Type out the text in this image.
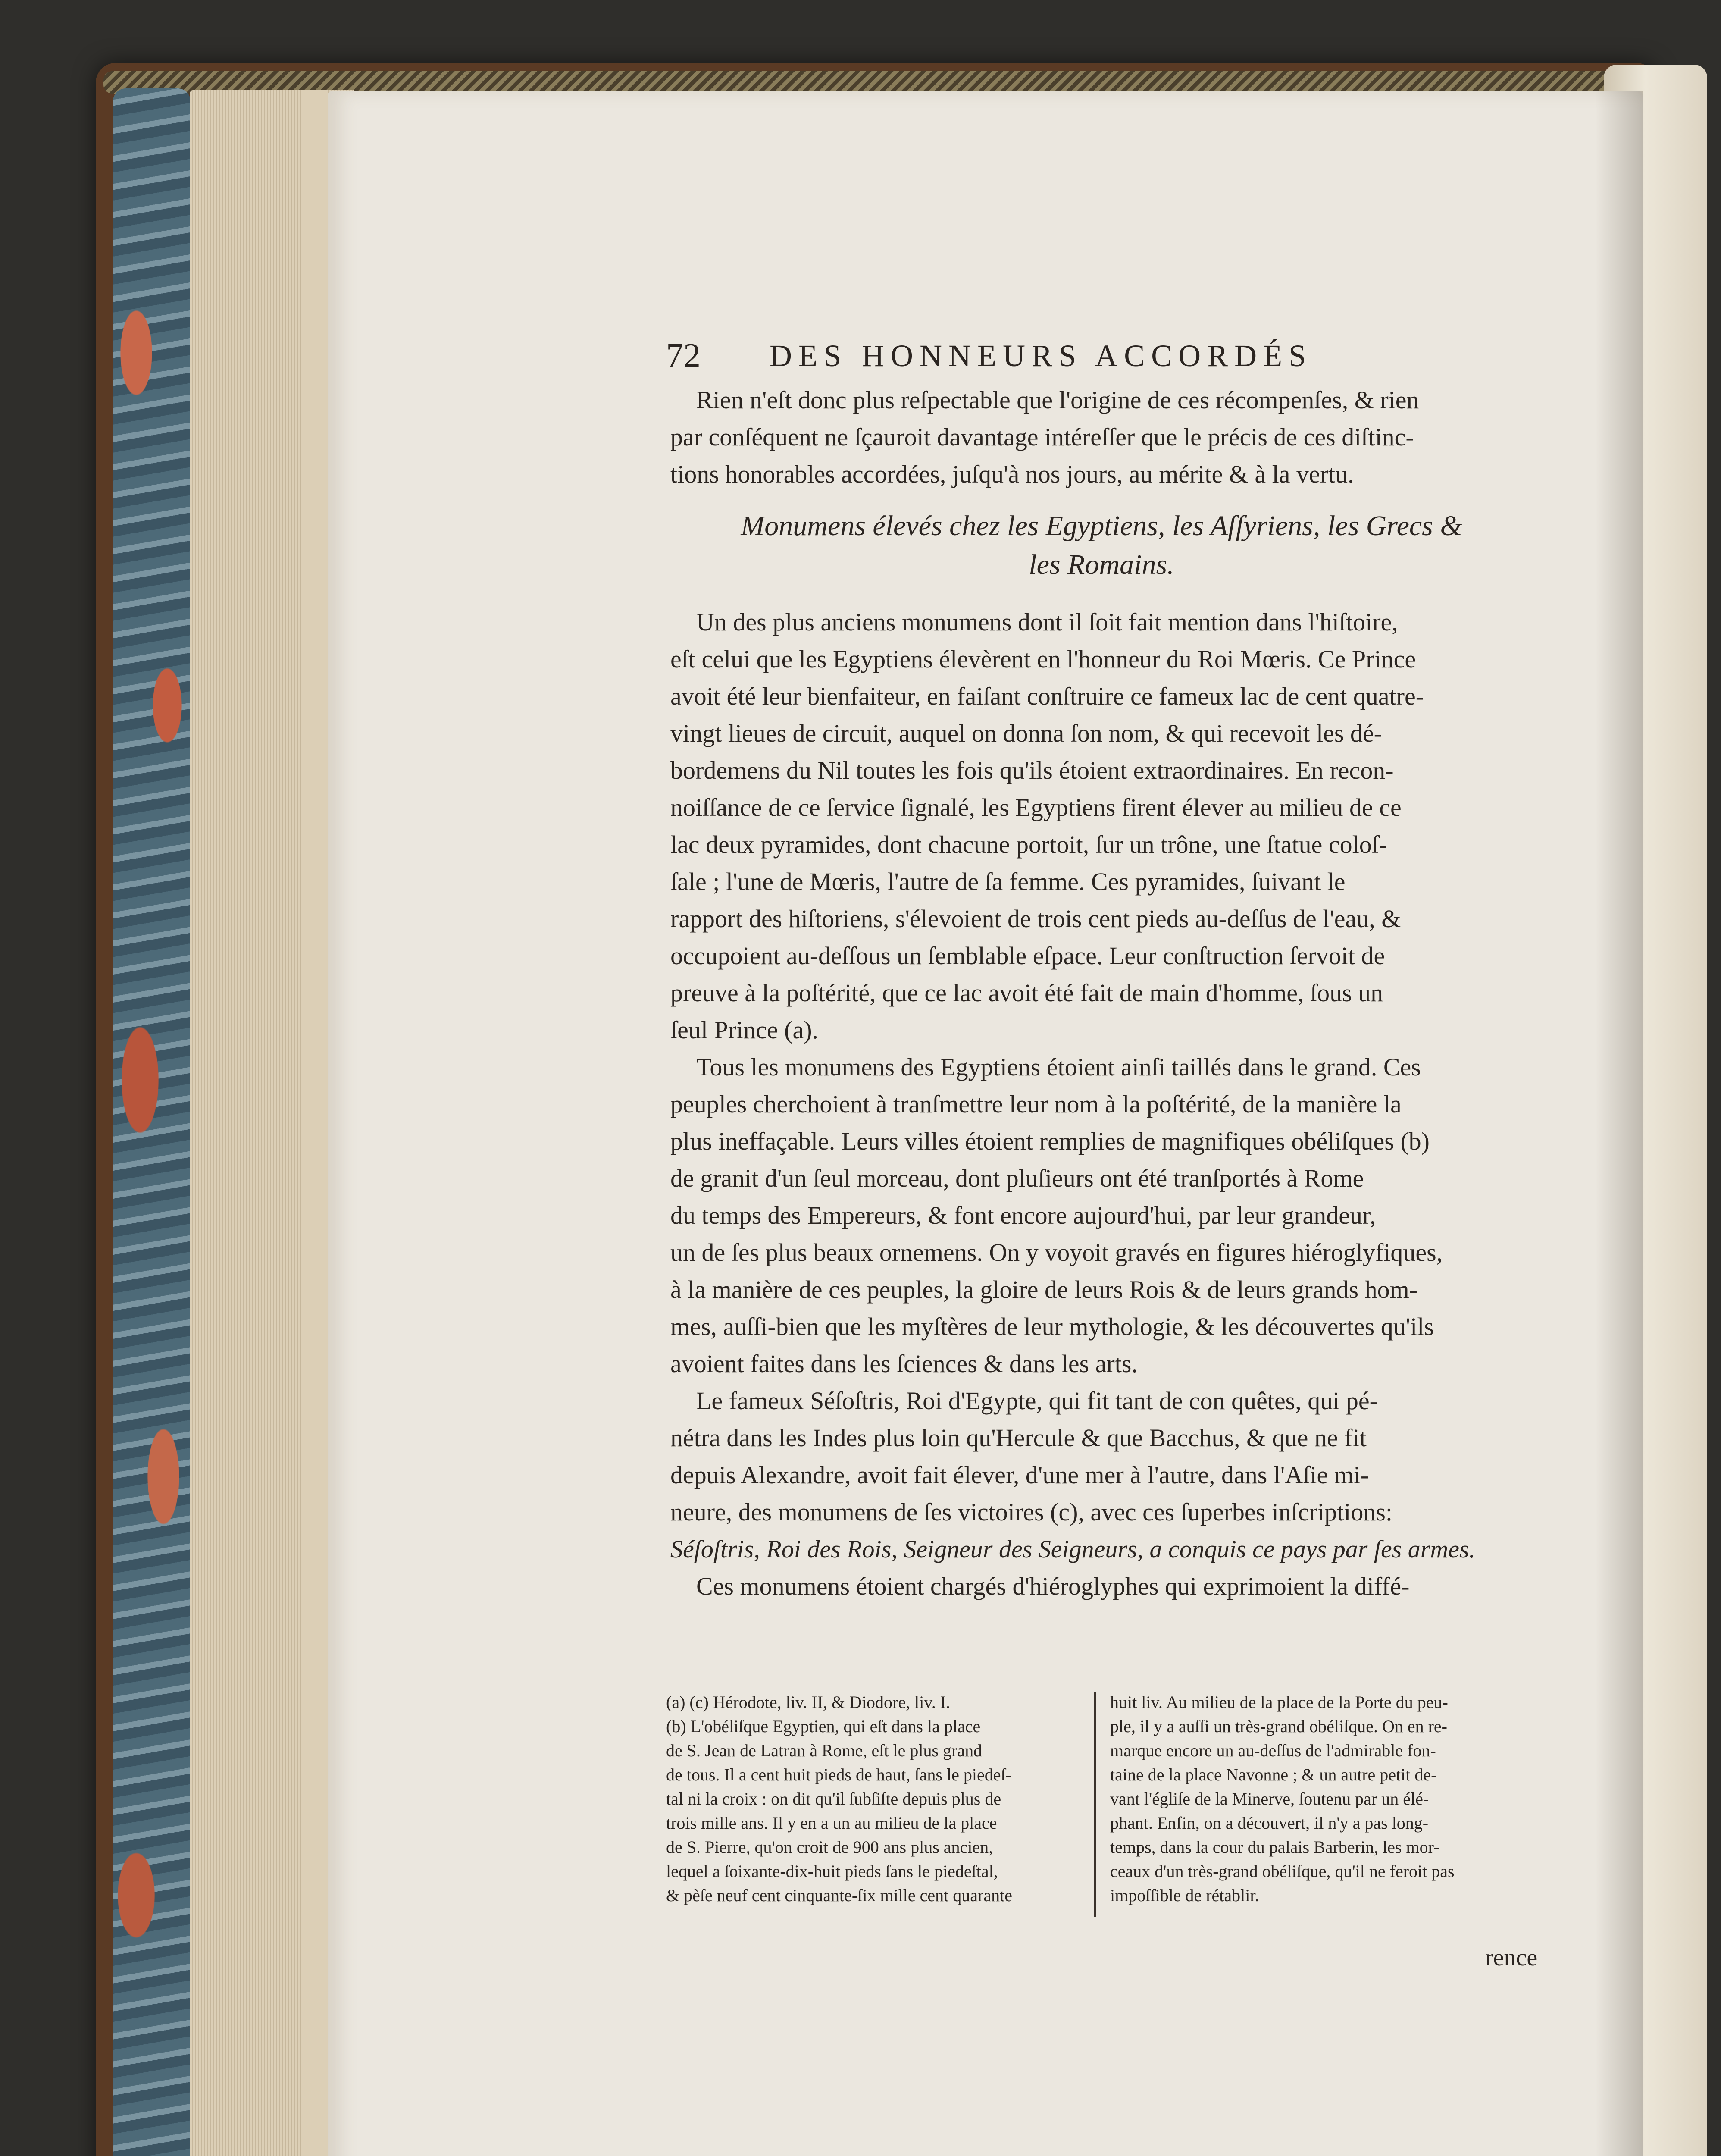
72 DES HONNEURS ACCORDÉS
Rien n'eſt donc plus reſpectable que l'origine de ces récompenſes, & rien
par conſéquent ne ſçauroit davantage intéreſſer que le précis de ces diſtinc-
tions honorables accordées, juſqu'à nos jours, au mérite & à la vertu.
Monumens élevés chez les Egyptiens, les Aſſyriens, les Grecs &
les Romains.
Un des plus anciens monumens dont il ſoit fait mention dans l'hiſtoire,
eſt celui que les Egyptiens élevèrent en l'honneur du Roi Mœris. Ce Prince
avoit été leur bienfaiteur, en faiſant conſtruire ce fameux lac de cent quatre-
vingt lieues de circuit, auquel on donna ſon nom, & qui recevoit les dé-
bordemens du Nil toutes les fois qu'ils étoient extraordinaires. En recon-
noiſſance de ce ſervice ſignalé, les Egyptiens firent élever au milieu de ce
lac deux pyramides, dont chacune portoit, ſur un trône, une ſtatue coloſ-
ſale ; l'une de Mœris, l'autre de ſa femme. Ces pyramides, ſuivant le
rapport des hiſtoriens, s'élevoient de trois cent pieds au-deſſus de l'eau, &
occupoient au-deſſous un ſemblable eſpace. Leur conſtruction ſervoit de
preuve à la poſtérité, que ce lac avoit été fait de main d'homme, ſous un
ſeul Prince (a).
Tous les monumens des Egyptiens étoient ainſi taillés dans le grand. Ces
peuples cherchoient à tranſmettre leur nom à la poſtérité, de la manière la
plus ineffaçable. Leurs villes étoient remplies de magnifiques obéliſques (b)
de granit d'un ſeul morceau, dont pluſieurs ont été tranſportés à Rome
du temps des Empereurs, & font encore aujourd'hui, par leur grandeur,
un de ſes plus beaux ornemens. On y voyoit gravés en figures hiéroglyfiques,
à la manière de ces peuples, la gloire de leurs Rois & de leurs grands hom-
mes, auſſi-bien que les myſtères de leur mythologie, & les découvertes qu'ils
avoient faites dans les ſciences & dans les arts.
Le fameux Séſoſtris, Roi d'Egypte, qui fit tant de con quêtes, qui pé-
nétra dans les Indes plus loin qu'Hercule & que Bacchus, & que ne fit
depuis Alexandre, avoit fait élever, d'une mer à l'autre, dans l'Aſie mi-
neure, des monumens de ſes victoires (c), avec ces ſuperbes inſcriptions:
Séſoſtris, Roi des Rois, Seigneur des Seigneurs, a conquis ce pays par ſes armes.
Ces monumens étoient chargés d'hiéroglyphes qui exprimoient la diffé-
(a) (c) Hérodote, liv. II, & Diodore, liv. I.
(b) L'obéliſque Egyptien, qui eſt dans la place
de S. Jean de Latran à Rome, eſt le plus grand
de tous. Il a cent huit pieds de haut, ſans le piedeſ-
tal ni la croix : on dit qu'il ſubſiſte depuis plus de
trois mille ans. Il y en a un au milieu de la place
de S. Pierre, qu'on croit de 900 ans plus ancien,
lequel a ſoixante-dix-huit pieds ſans le piedeſtal,
& pèſe neuf cent cinquante-ſix mille cent quarante
huit liv. Au milieu de la place de la Porte du peu-
ple, il y a auſſi un très-grand obéliſque. On en re-
marque encore un au-deſſus de l'admirable fon-
taine de la place Navonne ; & un autre petit de-
vant l'égliſe de la Minerve, ſoutenu par un élé-
phant. Enfin, on a découvert, il n'y a pas long-
temps, dans la cour du palais Barberin, les mor-
ceaux d'un très-grand obéliſque, qu'il ne feroit pas
impoſſible de rétablir.
rence
